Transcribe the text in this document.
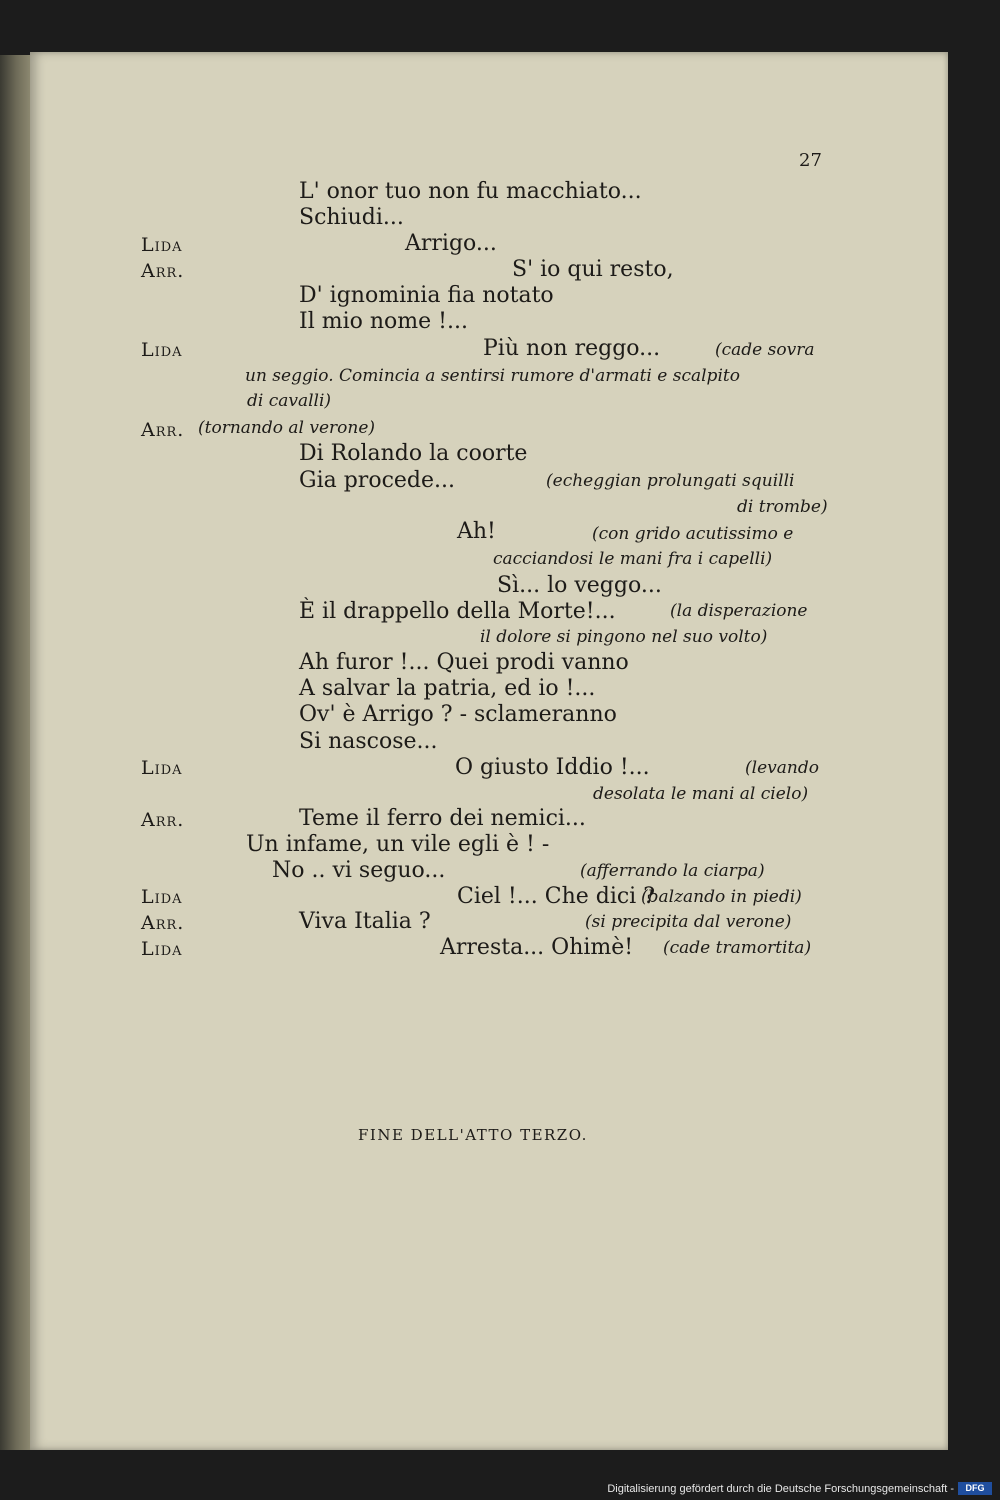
27
L' onor tuo non fu macchiato...
Schiudi...
Lida	Arrigo...
Arr.	S' io qui resto,
D' ignominia fia notato
Il mio nome !...
Lida	Più non reggo...	(cade sovra
un seggio. Comincia a sentirsi rumore d'armati e scalpito
di cavalli)
Arr. (tornando al verone)
Di Rolando la coorte
Gia procede...	(echeggian prolungati squilli
di trombe)
Ah!	(con grido acutissimo e
cacciandosi le mani fra i capelli)
Sì... lo veggo...
È il drappello della Morte!...	(la disperazione
il dolore si pingono nel suo volto)
Ah furor !... Quei prodi vanno
A salvar la patria, ed io !...
Ov' è Arrigo ? - sclameranno
Si nascose...
Lida	O giusto Iddio !...	(levando
desolata le mani al cielo)
Arr.	Teme il ferro dei nemici...
Un infame, un vile egli è ! -
No .. vi seguo...	(afferrando la ciarpa)
Lida	Ciel !... Che dici ?
(balzando in piedi)
Arr.	Viva Italia ?	(si precipita dal verone)
Lida	Arresta... Ohimè! (cade tramortita)
FINE DELL'ATTO TERZO.
Digitalisierung gefördert durch die Deutsche Forschungsgemeinschaft -	DFG
